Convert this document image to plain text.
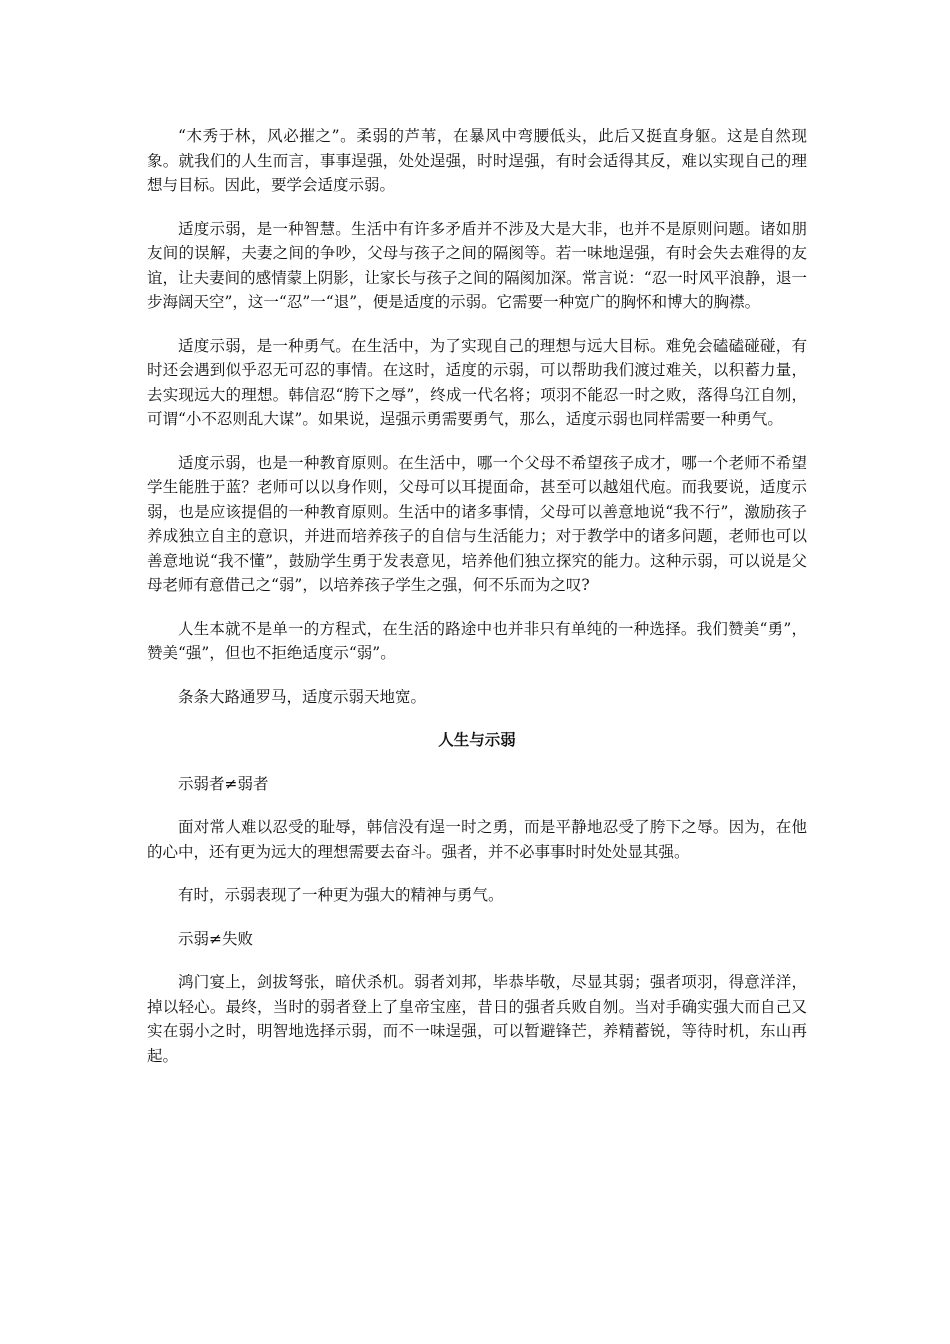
“木秀于林，风必摧之”。柔弱的芦苇，在暴风中弯腰低头，此后又挺直身躯。这是自然现象。就我们的人生而言，事事逞强，处处逞强，时时逞强，有时会适得其反，难以实现自己的理想与目标。因此，要学会适度示弱。

适度示弱，是一种智慧。生活中有许多矛盾并不涉及大是大非，也并不是原则问题。诸如朋友间的误解，夫妻之间的争吵，父母与孩子之间的隔阂等。若一味地逞强，有时会失去难得的友谊，让夫妻间的感情蒙上阴影，让家长与孩子之间的隔阂加深。常言说：“忍一时风平浪静，退一步海阔天空”，这一“忍”一“退”，便是适度的示弱。它需要一种宽广的胸怀和博大的胸襟。

适度示弱，是一种勇气。在生活中，为了实现自己的理想与远大目标。难免会磕磕碰碰，有时还会遇到似乎忍无可忍的事情。在这时，适度的示弱，可以帮助我们渡过难关，以积蓄力量，去实现远大的理想。韩信忍“胯下之辱”，终成一代名将；项羽不能忍一时之败，落得乌江自刎，可谓“小不忍则乱大谋”。如果说，逞强示勇需要勇气，那么，适度示弱也同样需要一种勇气。

适度示弱，也是一种教育原则。在生活中，哪一个父母不希望孩子成才，哪一个老师不希望学生能胜于蓝？老师可以以身作则，父母可以耳提面命，甚至可以越俎代庖。而我要说，适度示弱，也是应该提倡的一种教育原则。生活中的诸多事情，父母可以善意地说“我不行”，激励孩子养成独立自主的意识，并进而培养孩子的自信与生活能力；对于教学中的诸多问题，老师也可以善意地说“我不懂”，鼓励学生勇于发表意见，培养他们独立探究的能力。这种示弱，可以说是父母老师有意借己之“弱”，以培养孩子学生之强，何不乐而为之叹?

人生本就不是单一的方程式，在生活的路途中也并非只有单纯的一种选择。我们赞美“勇”，赞美“强”，但也不拒绝适度示“弱”。

条条大路通罗马，适度示弱天地宽。

人生与示弱

示弱者≠弱者

面对常人难以忍受的耻辱，韩信没有逞一时之勇，而是平静地忍受了胯下之辱。因为，在他的心中，还有更为远大的理想需要去奋斗。强者，并不必事事时时处处显其强。

有时，示弱表现了一种更为强大的精神与勇气。

示弱≠失败

鸿门宴上，剑拔弩张，暗伏杀机。弱者刘邦，毕恭毕敬，尽显其弱；强者项羽，得意洋洋，掉以轻心。最终，当时的弱者登上了皇帝宝座，昔日的强者兵败自刎。当对手确实强大而自己又实在弱小之时，明智地选择示弱，而不一味逞强，可以暂避锋芒，养精蓄锐，等待时机，东山再起。
